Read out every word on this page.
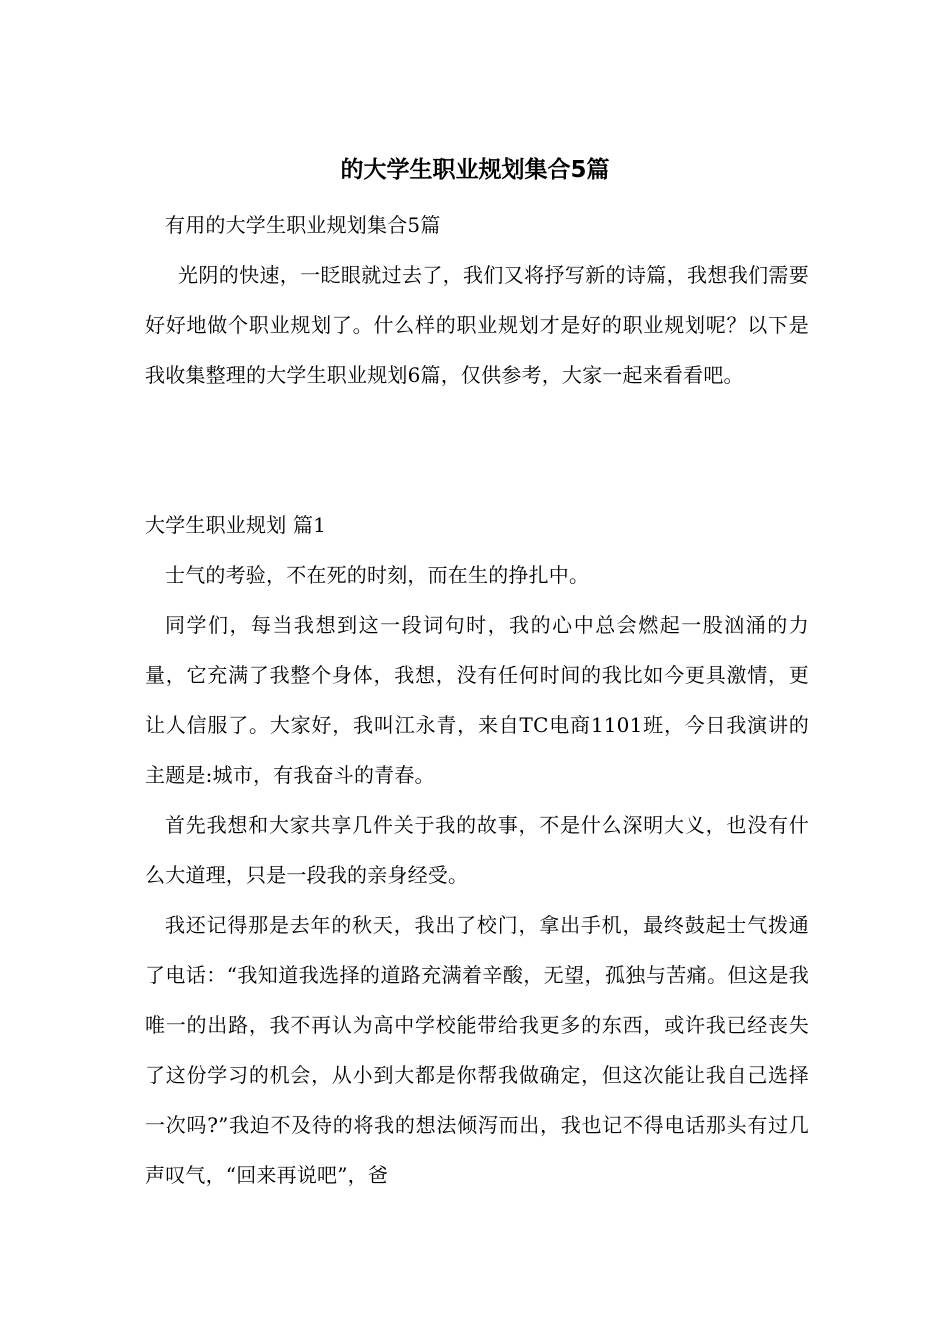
的大学生职业规划集合5篇

有用的大学生职业规划集合5篇

光阴的快速，一眨眼就过去了，我们又将抒写新的诗篇，我想我们需要好好地做个职业规划了。什么样的职业规划才是好的职业规划呢？以下是我收集整理的大学生职业规划6篇，仅供参考，大家一起来看看吧。

大学生职业规划 篇1

士气的考验，不在死的时刻，而在生的挣扎中。

同学们，每当我想到这一段词句时，我的心中总会燃起一股汹涌的力量，它充满了我整个身体，我想，没有任何时间的我比如今更具激情，更让人信服了。大家好，我叫江永青，来自TC电商1101班，今日我演讲的主题是:城市，有我奋斗的青春。

首先我想和大家共享几件关于我的故事，不是什么深明大义，也没有什么大道理，只是一段我的亲身经受。

我还记得那是去年的秋天，我出了校门，拿出手机，最终鼓起士气拨通了电话：“我知道我选择的道路充满着辛酸，无望，孤独与苦痛。但这是我唯一的出路，我不再认为高中学校能带给我更多的东西，或许我已经丧失了这份学习的机会，从小到大都是你帮我做确定，但这次能让我自己选择一次吗?”我迫不及待的将我的想法倾泻而出，我也记不得电话那头有过几声叹气，“回来再说吧”，爸
